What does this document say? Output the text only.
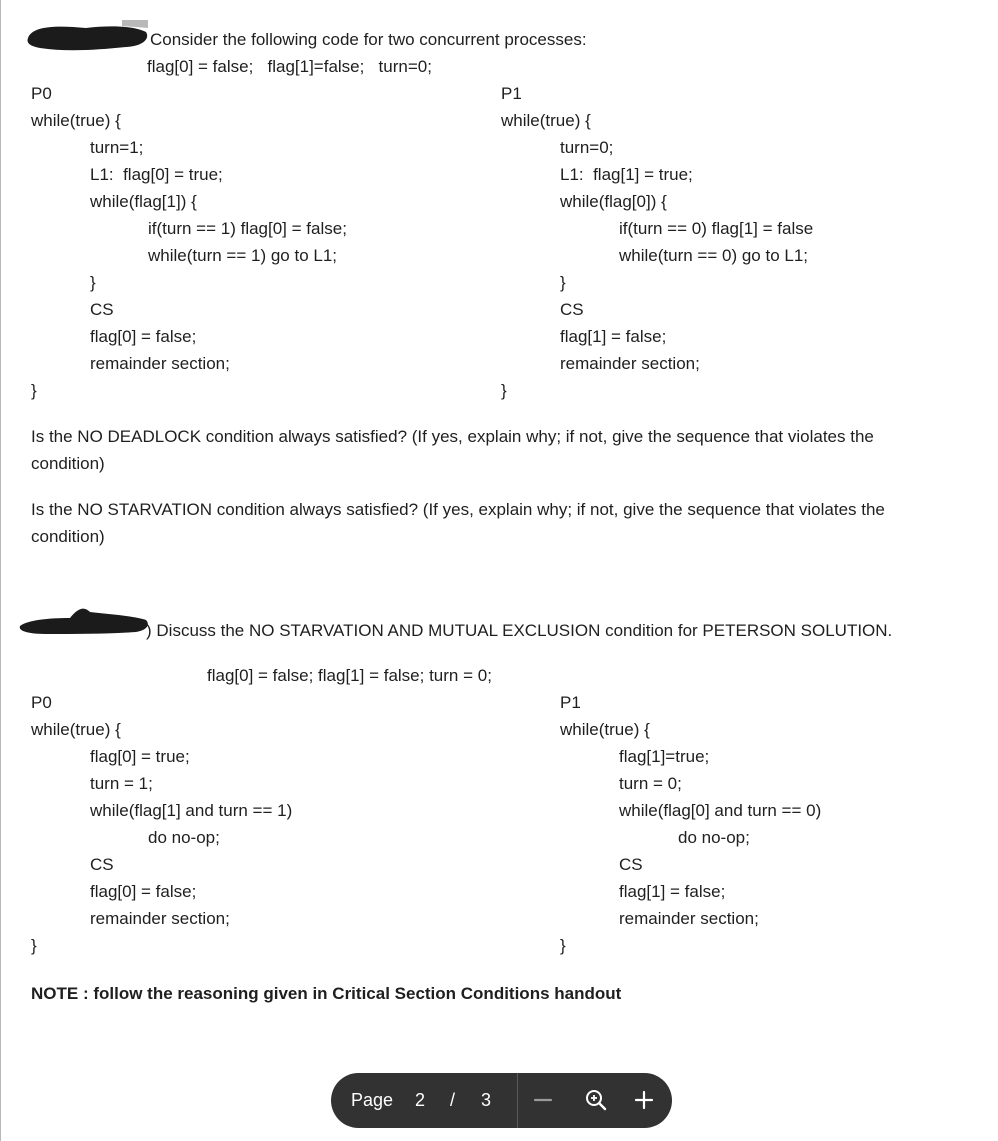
Consider the following code for two concurrent processes:
flag[0] = false;   flag[1]=false;   turn=0;
P0
while(true) {
turn=1;
L1:  flag[0] = true;
while(flag[1]) {
if(turn == 1) flag[0] = false;
while(turn == 1) go to L1;
}
CS
flag[0] = false;
remainder section;
}
P1
while(true) {
turn=0;
L1:  flag[1] = true;
while(flag[0]) {
if(turn == 0) flag[1] = false
while(turn == 0) go to L1;
}
CS
flag[1] = false;
remainder section;
}
Is the NO DEADLOCK condition always satisfied? (If yes, explain why; if not, give the sequence that violates the condition)
Is the NO STARVATION condition always satisfied? (If yes, explain why; if not, give the sequence that violates the condition)
) Discuss the NO STARVATION AND MUTUAL EXCLUSION condition for PETERSON SOLUTION.
flag[0] = false; flag[1] = false; turn = 0;
P0
while(true) {
flag[0] = true;
turn = 1;
while(flag[1] and turn == 1)
do no-op;
CS
flag[0] = false;
remainder section;
}
P1
while(true) {
flag[1]=true;
turn = 0;
while(flag[0] and turn == 0)
do no-op;
CS
flag[1] = false;
remainder section;
}
NOTE : follow the reasoning given in Critical Section Conditions handout
Page 2 / 3
